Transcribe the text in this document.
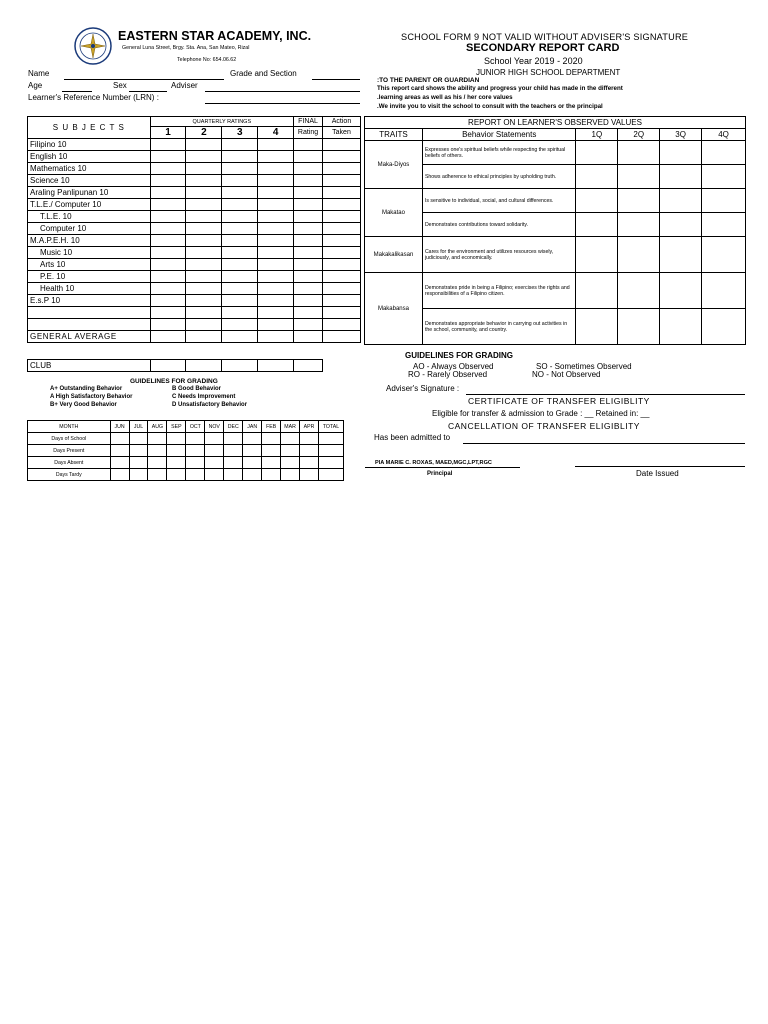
EASTERN STAR ACADEMY, INC.
General Luna Street, Brgy. Sta. Ana, San Mateo, Rizal
Telephone No: 654.06.62
SCHOOL FORM 9 NOT VALID WITHOUT ADVISER'S SIGNATURE
SECONDARY REPORT CARD
School Year 2019 - 2020
JUNIOR HIGH SCHOOL DEPARTMENT
Name	Grade and Section
Age	Sex	Adviser
Learner's Reference Number (LRN) :
:TO THE PARENT OR GUARDIAN
This report card shows the ability and progress your child has made in the different
.learning areas as well as his / her core values
.We invite you to visit the school to consult with the teachers or the principal
S U B J E C T S	QUARTERLY RATINGS				FINAL	Action
	1	2	3	4	Rating	Taken
Filipino 10						
English 10						
Mathematics 10						
Science 10						
Araling Panlipunan 10						
T.L.E./ Computer 10						
T.L.E. 10						
Computer 10						
M.A.P.E.H. 10						
Music 10						
Arts 10						
P.E. 10						
Health 10						
E.s.P 10						

GENERAL AVERAGE						
CLUB					
GUIDELINES FOR GRADING
A+ Outstanding Behavior	B Good Behavior
A High Satisfactory Behavior	C Needs Improvement
B+ Very Good Behavior	D Unsatisfactory Behavior
MONTH	JUN	JUL	AUG	SEP	OCT	NOV	DEC	JAN	FEB	MAR	APR	TOTAL
Days of School												
Days Present												
Days Absent												
Days Tardy												
REPORT ON LEARNER'S OBSERVED VALUES					
TRAITS	Behavior Statements	1Q	2Q	3Q	4Q
Maka-Diyos	Expresses one's spiritual beliefs while respecting the spiritual beliefs of others.				
	Shows adherence to ethical principles by upholding truth.				
Makatao	Is sensitive to individual, social, and cultural differences.				
	Demonstrates contributions toward solidarity.				
Makakalikasan	Cares for the environment and utilizes resources wisely, judiciously, and economically.				
Makabansa	Demonstrates pride in being a Filipino; exercises the rights and responsibilities of a Filipino citizen.				
	Demonstrates appropriate behavior in carrying out activities in the school, community, and country.				
GUIDELINES FOR GRADING
AO - Always Observed	SO - Sometimes Observed
RO - Rarely Observed	NO - Not Observed
Adviser's Signature :
CERTIFICATE OF TRANSFER ELIGIBLITY
Eligible for transfer & admission to Grade : __ Retained in: __
CANCELLATION OF TRANSFER ELIGIBLITY
Has been admitted to
PIA MARIE C. ROXAS, MAED,MGC,LPT,RGC
Principal	Date Issued
